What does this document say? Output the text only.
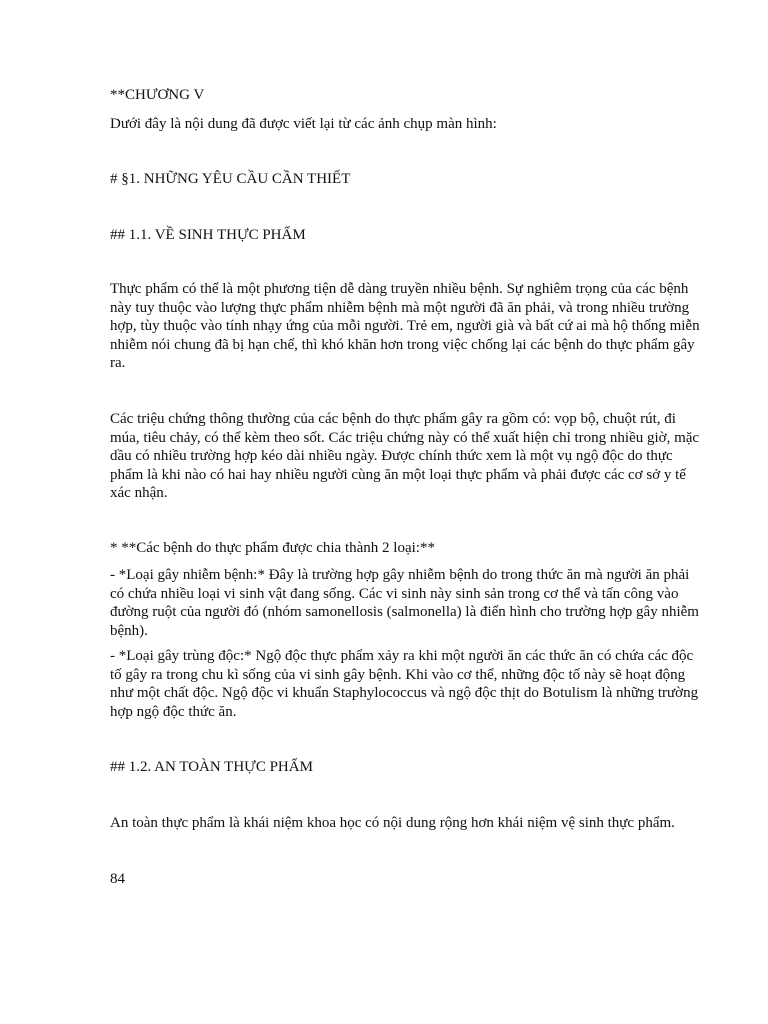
**CHƯƠNG V

Dưới đây là nội dung đã được viết lại từ các ảnh chụp màn hình:

# §1. NHỮNG YÊU CẦU CẦN THIẾT

## 1.1. VỀ SINH THỰC PHẨM

Thực phẩm có thể là một phương tiện dễ dàng truyền nhiều bệnh. Sự nghiêm trọng của các bệnh này tuy thuộc vào lượng thực phẩm nhiễm bệnh mà một người đã ăn phải, và trong nhiều trường hợp, tùy thuộc vào tính nhạy ứng của mỗi người. Trẻ em, người già và bất cứ ai mà hộ thống miễn nhiễm nói chung đã bị hạn chế, thì khó khăn hơn trong việc chống lại các bệnh do thực phẩm gây ra.

Các triệu chứng thông thường của các bệnh do thực phẩm gây ra gồm có: vọp bộ, chuột rút, đi múa, tiêu chảy, có thể kèm theo sốt. Các triệu chứng này có thể xuất hiện chỉ trong nhiều giờ, mặc dầu có nhiều trường hợp kéo dài nhiều ngày. Được chính thức xem là một vụ ngộ độc do thực phẩm là khi nào có hai hay nhiều người cùng ăn một loại thực phẩm và phải được các cơ sở y tế xác nhận.

* **Các bệnh do thực phẩm được chia thành 2 loại:**

- *Loại gây nhiễm bệnh:* Đây là trường hợp gây nhiễm bệnh do trong thức ăn mà người ăn phải có chứa nhiều loại vi sinh vật đang sống. Các vi sinh này sinh sản trong cơ thể và tấn công vào đường ruột của người đó (nhóm samonellosis (salmonella) là điển hình cho trường hợp gây nhiễm bệnh).

- *Loại gây trùng độc:* Ngộ độc thực phẩm xảy ra khi một người ăn các thức ăn có chứa các độc tố gây ra trong chu kì sống của vi sinh gây bệnh. Khi vào cơ thể, những độc tố này sẽ hoạt động như một chất độc. Ngộ độc vi khuẩn Staphylococcus và ngộ độc thịt do Botulism là những trường hợp ngộ độc thức ăn.

## 1.2. AN TOÀN THỰC PHẨM

An toàn thực phẩm là khái niệm khoa học có nội dung rộng hơn khái niệm vệ sinh thực phẩm.

84
